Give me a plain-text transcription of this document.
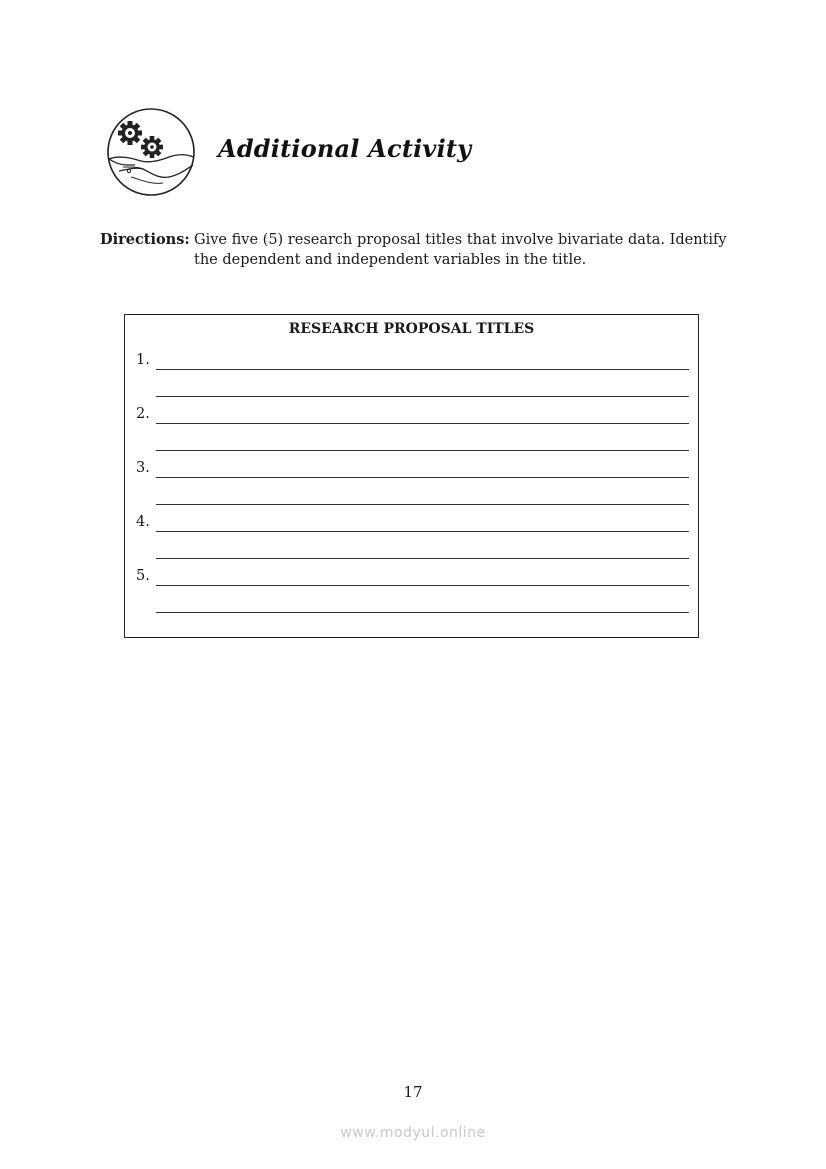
Additional Activity
Directions: Give five (5) research proposal titles that involve bivariate data. Identify the dependent and independent variables in the title.
RESEARCH PROPOSAL TITLES
1.
2.
3.
4.
5.
17
www.modyul.online
